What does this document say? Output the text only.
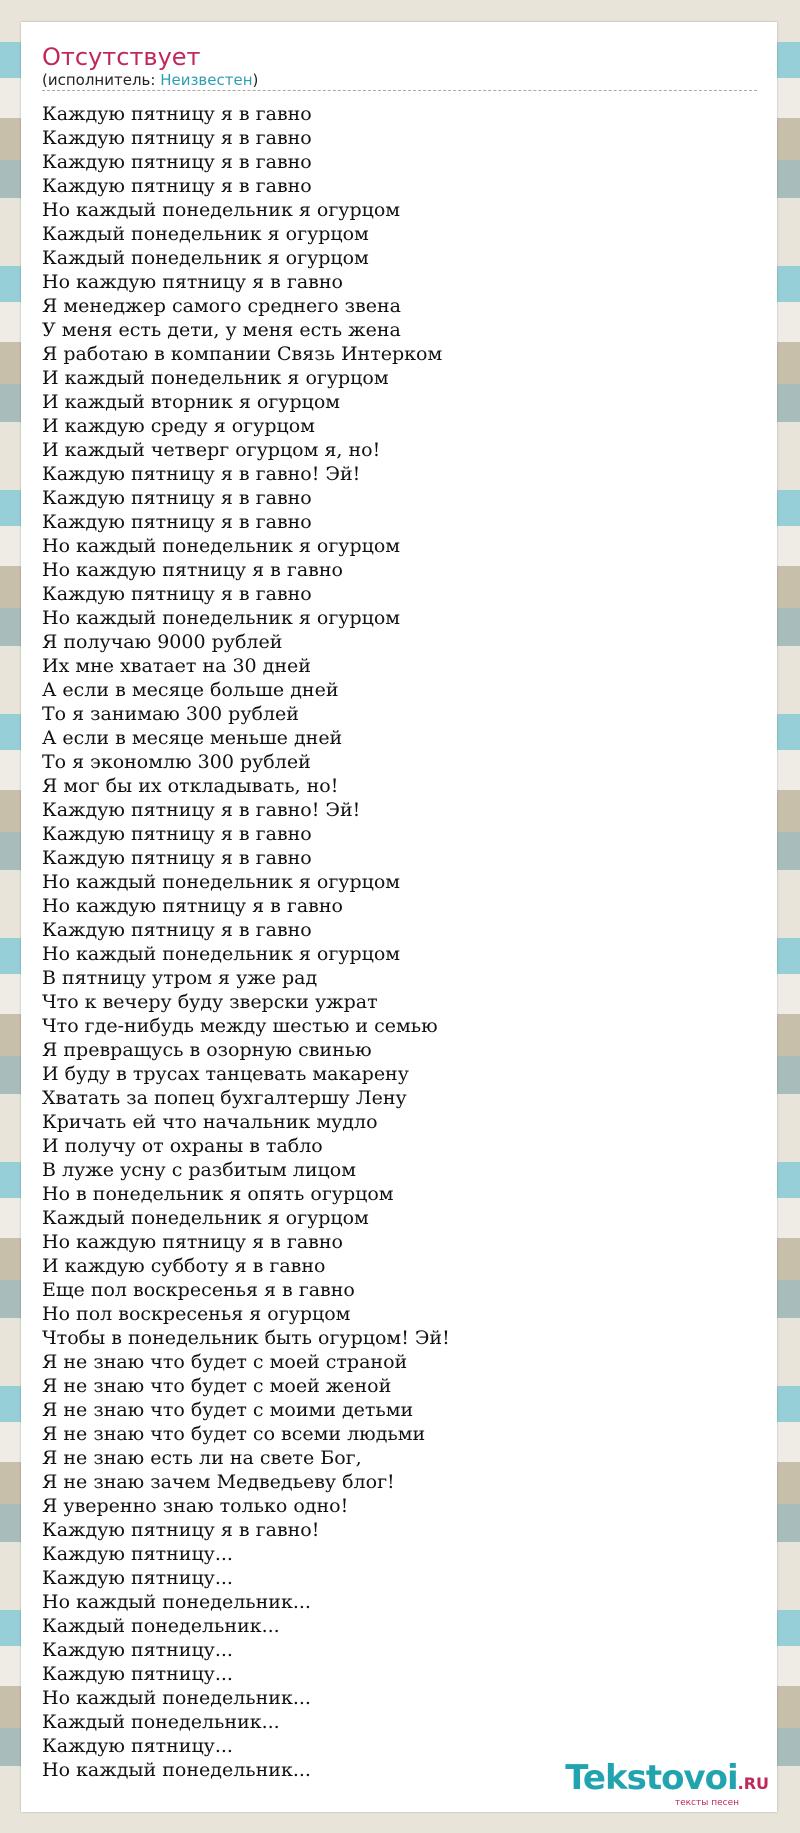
Отсутствует
(исполнитель: Неизвестен)
Каждую пятницу я в гавно
Каждую пятницу я в гавно
Каждую пятницу я в гавно
Каждую пятницу я в гавно
Но каждый понедельник я огурцом
Каждый понедельник я огурцом
Каждый понедельник я огурцом
Но каждую пятницу я в гавно
Я менеджер самого среднего звена
У меня есть дети, у меня есть жена
Я работаю в компании Связь Интерком
И каждый понедельник я огурцом
И каждый вторник я огурцом
И каждую среду я огурцом
И каждый четверг огурцом я, но!
Каждую пятницу я в гавно! Эй!
Каждую пятницу я в гавно
Каждую пятницу я в гавно
Но каждый понедельник я огурцом
Но каждую пятницу я в гавно
Каждую пятницу я в гавно
Но каждый понедельник я огурцом
Я получаю 9000 рублей
Их мне хватает на 30 дней
А если в месяце больше дней
То я занимаю 300 рублей
А если в месяце меньше дней
То я экономлю 300 рублей
Я мог бы их откладывать, но!
Каждую пятницу я в гавно! Эй!
Каждую пятницу я в гавно
Каждую пятницу я в гавно
Но каждый понедельник я огурцом
Но каждую пятницу я в гавно
Каждую пятницу я в гавно
Но каждый понедельник я огурцом
В пятницу утром я уже рад
Что к вечеру буду зверски ужрат
Что где-нибудь между шестью и семью
Я превращусь в озорную свинью
И буду в трусах танцевать макарену
Хватать за попец бухгалтершу Лену
Кричать ей что начальник мудло
И получу от охраны в табло
В луже усну с разбитым лицом
Но в понедельник я опять огурцом
Каждый понедельник я огурцом
Но каждую пятницу я в гавно
И каждую субботу я в гавно
Еще пол воскресенья я в гавно
Но пол воскресенья я огурцом
Чтобы в понедельник быть огурцом! Эй!
Я не знаю что будет с моей страной
Я не знаю что будет с моей женой
Я не знаю что будет с моими детьми
Я не знаю что будет со всеми людьми
Я не знаю есть ли на свете Бог,
Я не знаю зачем Медведьеву блог!
Я уверенно знаю только одно!
Каждую пятницу я в гавно!
Каждую пятницу...
Каждую пятницу...
Но каждый понедельник...
Каждый понедельник...
Каждую пятницу...
Каждую пятницу...
Но каждый понедельник...
Каждый понедельник...
Каждую пятницу...
Но каждый понедельник...	Tekstovoi.RU
тексты песен
